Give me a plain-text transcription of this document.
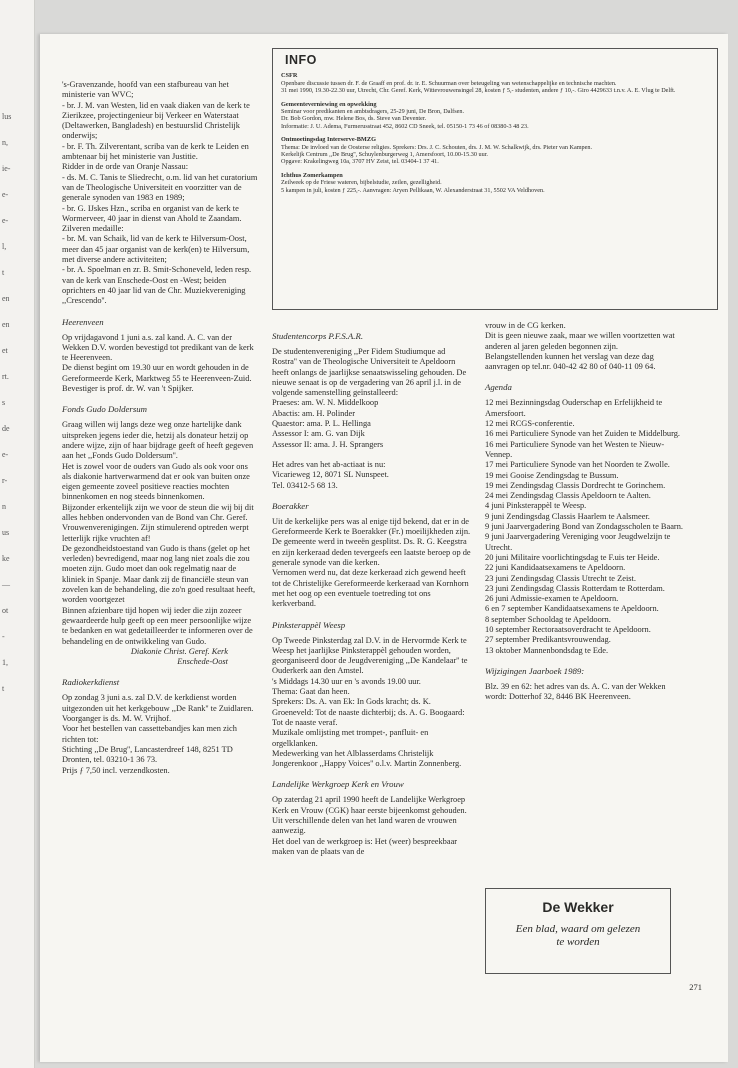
lus
n,
ie-
e-
e-
l,
t
en
en
et
rt.
s
de
e-
r-
n
us
ke
—
ot
-
1,
t

's-Gravenzande, hoofd van een stafbureau van het ministerie van WVC;

- br. J. M. van Westen, lid en vaak diaken van de kerk te Zierikzee, projectingenieur bij Verkeer en Waterstaat (Deltawerken, Bangladesh) en bestuurslid Christelijk onderwijs;

- br. F. Th. Zilverentant, scriba van de kerk te Leiden en ambtenaar bij het ministerie van Justitie.

Ridder in de orde van Oranje Nassau:

- ds. M. C. Tanis te Sliedrecht, o.m. lid van het curatorium van de Theologische Universiteit en voorzitter van de generale synoden van 1983 en 1989;

- br. G. IJskes Hzn., scriba en organist van de kerk te Wormerveer, 40 jaar in dienst van Ahold te Zaandam.

Zilveren medaille:

- br. M. van Schaik, lid van de kerk te Hilversum-Oost, meer dan 45 jaar organist van de kerk(en) te Hilversum, met diverse andere activiteiten;

- br. A. Spoelman en zr. B. Smit-Schoneveld, leden resp. van de kerk van Enschede-Oost en -West; beiden oprichters en 40 jaar lid van de Chr. Muziekvereniging ,,Crescendo''.

Heerenveen

Op vrijdagavond 1 juni a.s. zal kand. A. C. van der Wekken D.V. worden bevestigd tot predikant van de kerk te Heerenveen.

De dienst begint om 19.30 uur en wordt gehouden in de Gereformeerde Kerk, Marktweg 55 te Heerenveen-Zuid.

Bevestiger is prof. dr. W. van 't Spijker.

Fonds Gudo Doldersum

Graag willen wij langs deze weg onze hartelijke dank uitspreken jegens ieder die, hetzij als donateur hetzij op andere wijze, zijn of haar bijdrage geeft of heeft gegeven aan het ,,Fonds Gudo Doldersum''.

Het is zowel voor de ouders van Gudo als ook voor ons als diakonie hartverwarmend dat er ook van buiten onze eigen gemeente zoveel positieve reacties mochten binnenkomen en nog steeds binnenkomen.

Bijzonder erkentelijk zijn we voor de steun die wij bij dit alles hebben ondervonden van de Bond van Chr. Geref. Vrouwenverenigingen. Zijn stimulerend optreden werpt letterlijk rijke vruchten af!

De gezondheidstoestand van Gudo is thans (gelet op het verleden) bevredigend, maar nog lang niet zoals die zou moeten zijn. Gudo moet dan ook regelmatig naar de kliniek in Spanje. Maar dank zij de financiële steun van zovelen kan de behandeling, die zo'n goed resultaat heeft, worden voortgezet

Binnen afzienbare tijd hopen wij ieder die zijn zozeer gewaardeerde hulp geeft op een meer persoonlijke wijze te bedanken en wat gedetailleerder te informeren over de behandeling en de ontwikkeling van Gudo.

Diakonie Christ. Geref. Kerk

Enschede-Oost

Radiokerkdienst

Op zondag 3 juni a.s. zal D.V. de kerkdienst worden uitgezonden uit het kerkgebouw ,,De Rank'' te Zuidlaren. Voorganger is ds. M. W. Vrijhof.

Voor het bestellen van cassettebandjes kan men zich richten tot:

Stichting ,,De Brug'', Lancasterdreef 148, 8251 TD Dronten, tel. 03210-1 36 73.

Prijs ƒ 7,50 incl. verzendkosten.

INFO
CSFR

Openbare discussie tussen dr. F. de Graaff en prof. dr. ir. E. Schuurman over beteugeling van wetenschappelijke en technische machten.

31 mei 1990, 19.30-22.30 uur, Utrecht, Chr. Geref. Kerk, Wittevrouwensingel 28, kosten ƒ 5,- studenten, andere ƒ 10,-. Giro 4429633 t.n.v. A. E. Vlug te Delft.

Gemeenteverniewing en opwekking

Seminar voor predikanten en ambtsdragers, 25-29 juni, De Bron, Dalfsen.

Dr. Bob Gordon, mw. Helene Bos, ds. Steve van Deventer.

Informatie: J. U. Adema, Furmerusstraat 452, 8602 CD Sneek, tel. 05150-1 73 46 of 08380-3 48 23.

Ontmoetingsdag Interserve-BMZG

Thema: De invloed van de Oosterse religies. Sprekers: Drs. J. C. Schouten, drs. J. M. W. Schalkwijk, drs. Pieter van Kampen.

Kerkelijk Centrum ,,De Brug'', Schuylenburgerweg 1, Amersfoort, 10.00-15.30 uur.

Opgave: Krakelingweg 10a, 3707 HV Zeist, tel. 03404-1 37 41.

Ichthus Zomerkampen

Zeilweek op de Friese wateren, bijbelstudie, zeilen, gezelligheid.

5 kampen in juli, kosten ƒ 225,-. Aanvragen: Aryen Pellikaan, W. Alexanderstraat 31, 5502 VA Veldhoven.

Studentencorps P.F.S.A.R.

De studentenvereniging ,,Per Fidem Studiumque ad Rostra'' van de Theologische Universiteit te Apeldoorn heeft onlangs de jaarlijkse senaatswisseling gehouden. De nieuwe senaat is op de vergadering van 26 april j.l. in de volgende samenstelling geïnstalleerd:

Praeses: am. W. N. Middelkoop

Abactis: am. H. Polinder

Quaestor: ama. P. L. Hellinga

Assessor I: am. G. van Dijk

Assessor II: ama. J. H. Sprangers

Het adres van het ab-actiaat is nu:

Vicarieweg 12, 8071 SL Nunspeet.

Tel. 03412-5 68 13.

Boerakker

Uit de kerkelijke pers was al enige tijd bekend, dat er in de Gereformeerde Kerk te Boerakker (Fr.) moeilijkheden zijn.

De gemeente werd in tweeën gesplitst. Ds. R. G. Keegstra en zijn kerkeraad deden tevergeefs een laatste beroep op de generale synode van die kerken.

Vernomen werd nu, dat deze kerkeraad zich gewend heeft tot de Christelijke Gereformeerde kerkeraad van Kornhorn met het oog op een eventuele toetreding tot ons kerkverband.

Pinksterappèl Weesp

Op Tweede Pinksterdag zal D.V. in de Hervormde Kerk te Weesp het jaarlijkse Pinksterappèl gehouden worden, georganiseerd door de Jeugdvereniging ,,De Kandelaar'' te Ouderkerk aan den Amstel.

's Middags 14.30 uur en 's avonds 19.00 uur.

Thema: Gaat dan heen.

Sprekers: Ds. A. van Ek: In Gods kracht; ds. K. Groeneveld: Tot de naaste dichterbij; ds. A. G. Boogaard: Tot de naaste veraf.

Muzikale omlijsting met trompet-, panfluit- en orgelklanken.

Medewerking van het Alblasserdams Christelijk Jongerenkoor ,,Happy Voices'' o.l.v. Martin Zonnenberg.

Landelijke Werkgroep Kerk en Vrouw

Op zaterdag 21 april 1990 heeft de Landelijke Werkgroep Kerk en Vrouw (CGK) haar eerste bijeenkomst gehouden.

Uit verschillende delen van het land waren de vrouwen aanwezig.

Het doel van de werkgroep is: Het (weer) bespreekbaar maken van de plaats van de

vrouw in de CG kerken.

Dit is geen nieuwe zaak, maar we willen voortzetten wat anderen al jaren geleden begonnen zijn.

Belangstellenden kunnen het verslag van deze dag aanvragen op tel.nr. 040-42 42 80 of 040-11 09 64.

Agenda

12 mei Bezinningsdag Ouderschap en Erfelijkheid te Amersfoort.

12 mei RCGS-conferentie.

16 mei Particuliere Synode van het Zuiden te Middelburg.

16 mei Particuliere Synode van het Westen te Nieuw-Vennep.

17 mei Particuliere Synode van het Noorden te Zwolle.

19 mei Gooise Zendingsdag te Bussum.

19 mei Zendingsdag Classis Dordrecht te Gorinchem.

24 mei Zendingsdag Classis Apeldoorn te Aalten.

4 juni Pinksterappèl te Weesp.

9 juni Zendingsdag Classis Haarlem te Aalsmeer.

9 juni Jaarvergadering Bond van Zondagsscholen te Baarn.

9 juni Jaarvergadering Vereniging voor Jeugdwelzijn te Utrecht.

20 juni Militaire voorlichtingsdag te F.uis ter Heide.

22 juni Kandidaatsexamens te Apeldoorn.

23 juni Zendingsdag Classis Utrecht te Zeist.

23 juni Zendingsdag Classis Rotterdam te Rotterdam.

26 juni Admissie-examen te Apeldoorn.

6 en 7 september Kandidaatsexamens te Apeldoorn.

8 september Schooldag te Apeldoorn.

10 september Rectoraatsoverdracht te Apeldoorn.

27 september Predikantsvrouwendag.

13 oktober Mannenbondsdag te Ede.

Wijzigingen Jaarboek 1989:

Blz. 39 en 62: het adres van ds. A. C. van der Wekken wordt: Dotterhof 32, 8446 BK Heerenveen.

De Wekker
Een blad, waard om gelezen
te worden
271
